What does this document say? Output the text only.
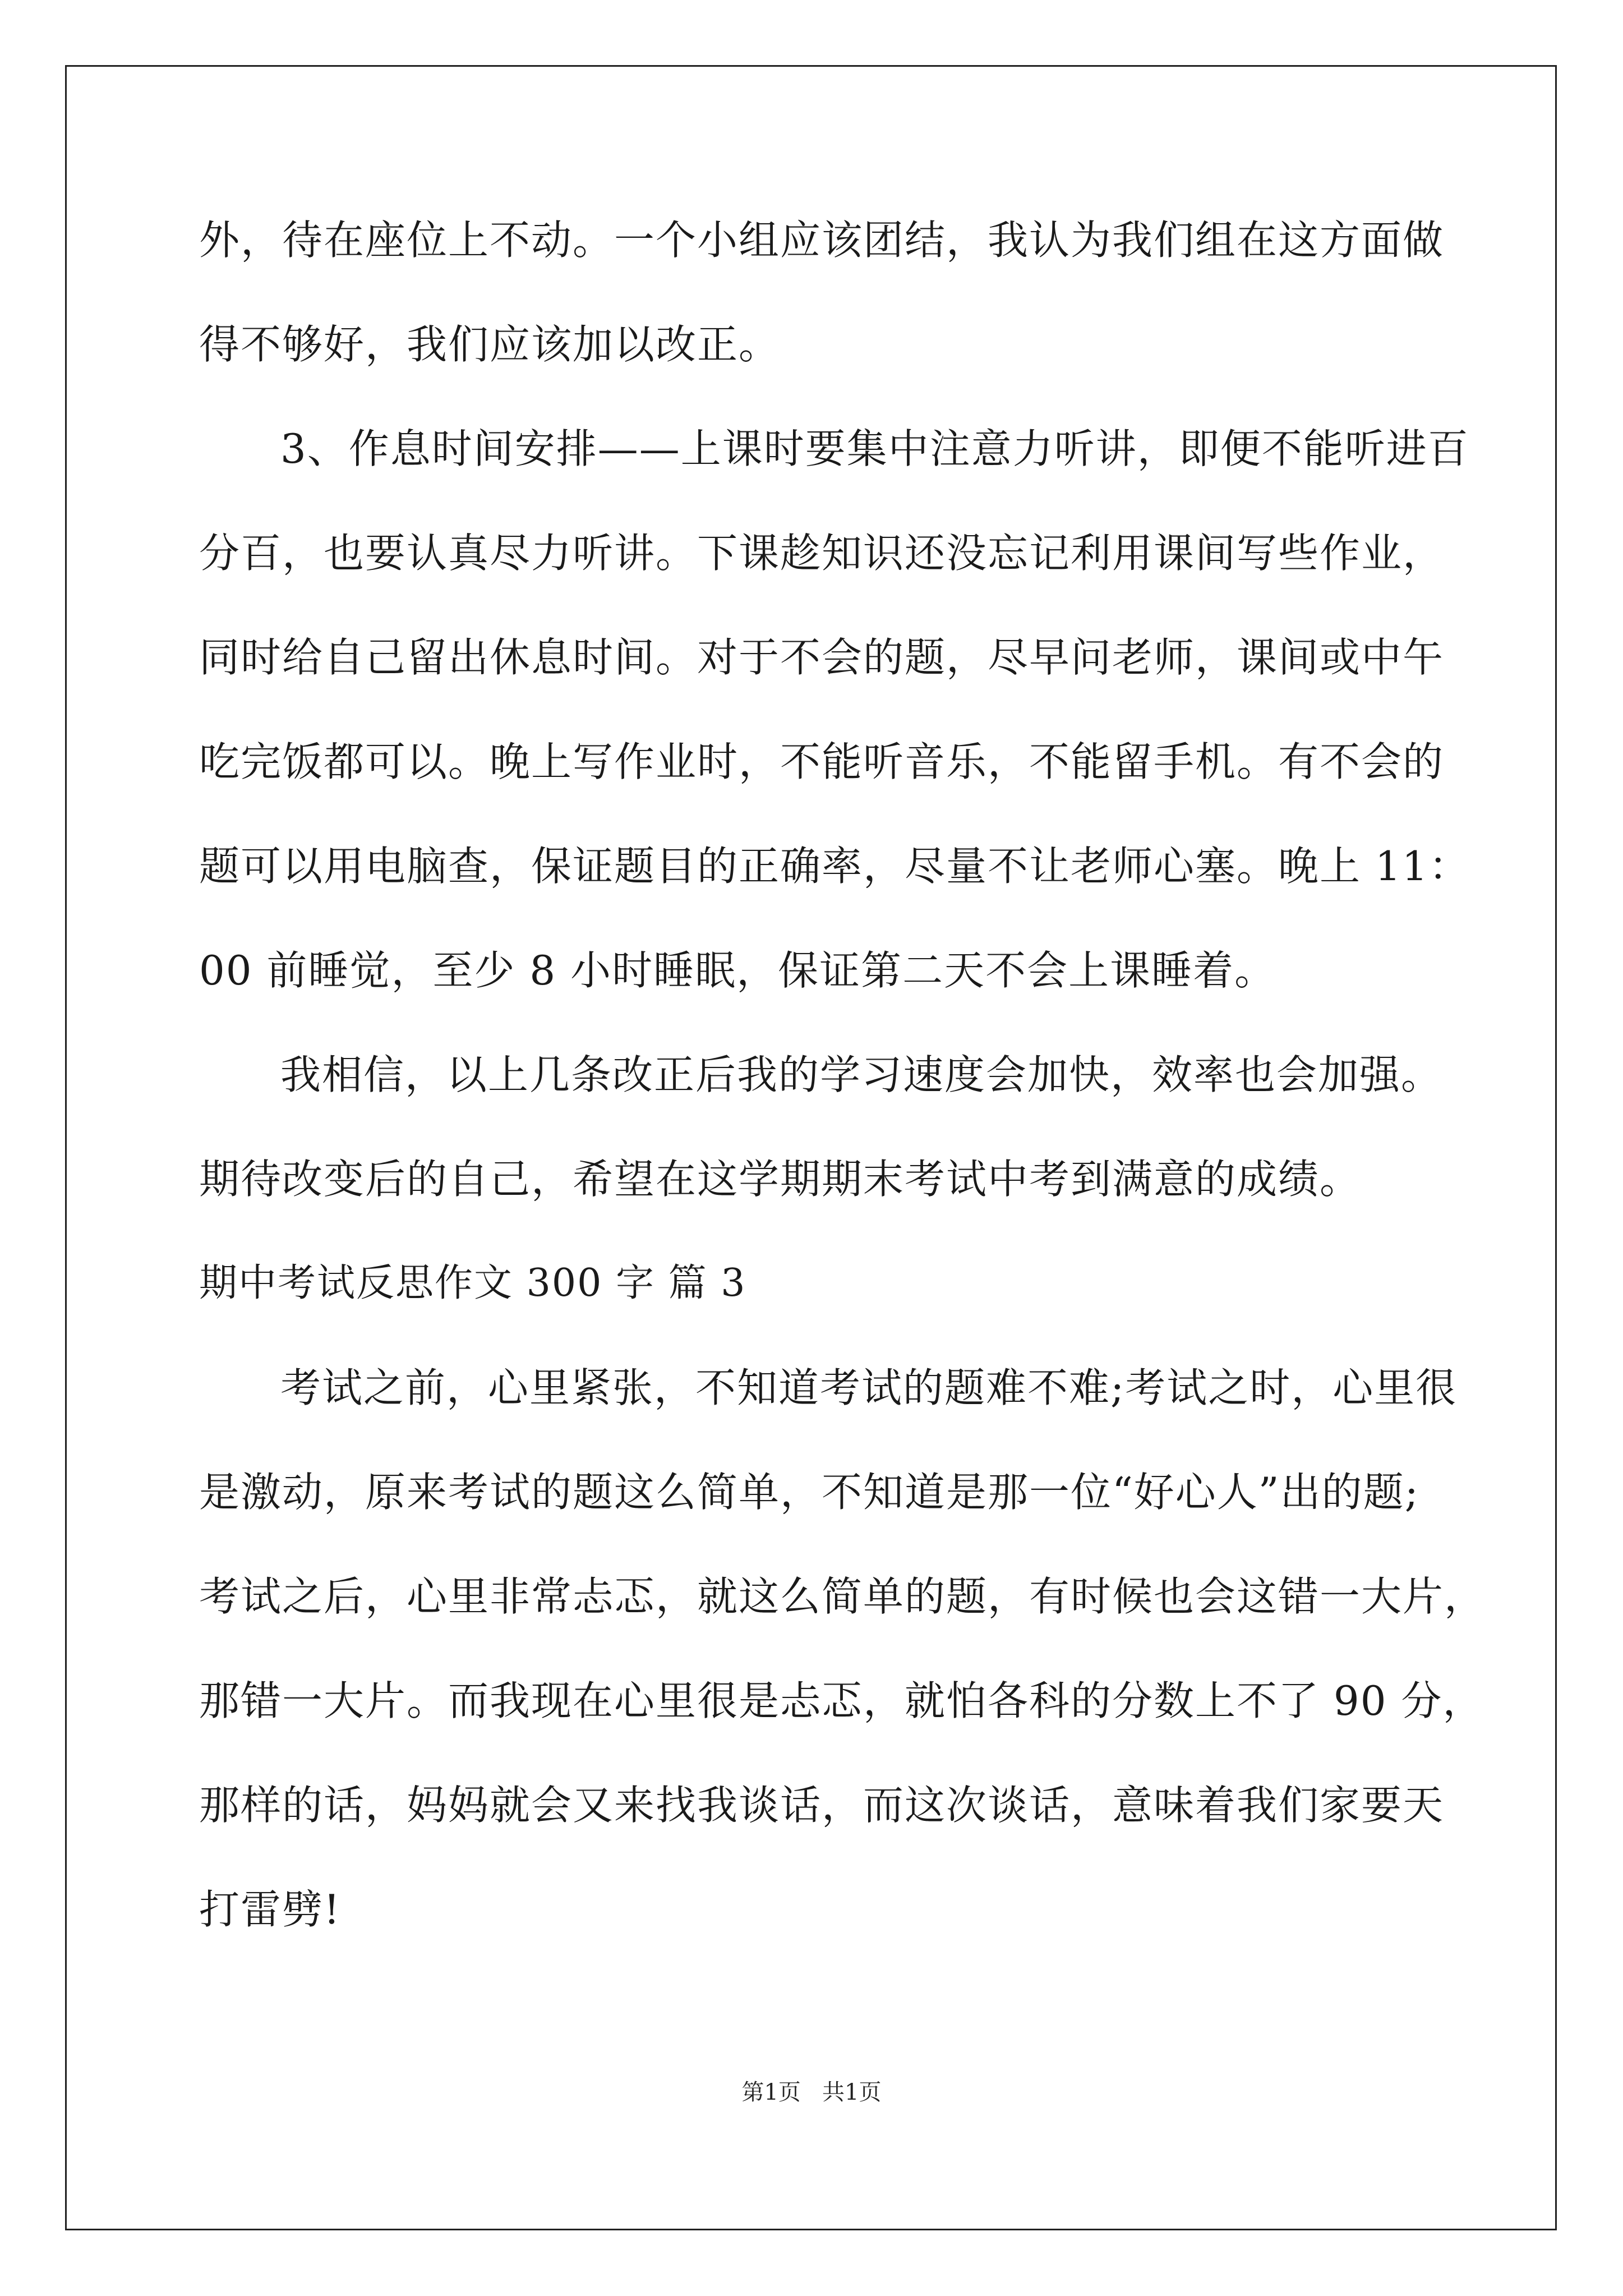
外，待在座位上不动。一个小组应该团结，我认为我们组在这方面做
得不够好，我们应该加以改正。
3、作息时间安排——上课时要集中注意力听讲，即便不能听进百
分百，也要认真尽力听讲。下课趁知识还没忘记利用课间写些作业，
同时给自己留出休息时间。对于不会的题，尽早问老师，课间或中午
吃完饭都可以。晚上写作业时，不能听音乐，不能留手机。有不会的
题可以用电脑查，保证题目的正确率，尽量不让老师心塞。晚上 11：
00 前睡觉，至少 8 小时睡眠，保证第二天不会上课睡着。
我相信，以上几条改正后我的学习速度会加快，效率也会加强。
期待改变后的自己，希望在这学期期末考试中考到满意的成绩。
期中考试反思作文 300 字 篇 3
考试之前，心里紧张，不知道考试的题难不难;考试之时，心里很
是激动，原来考试的题这么简单，不知道是那一位“好心人”出的题;
考试之后，心里非常忐忑，就这么简单的题，有时候也会这错一大片，
那错一大片。而我现在心里很是忐忑，就怕各科的分数上不了 90 分，
那样的话，妈妈就会又来找我谈话，而这次谈话，意味着我们家要天
打雷劈!
第1页   共1页
